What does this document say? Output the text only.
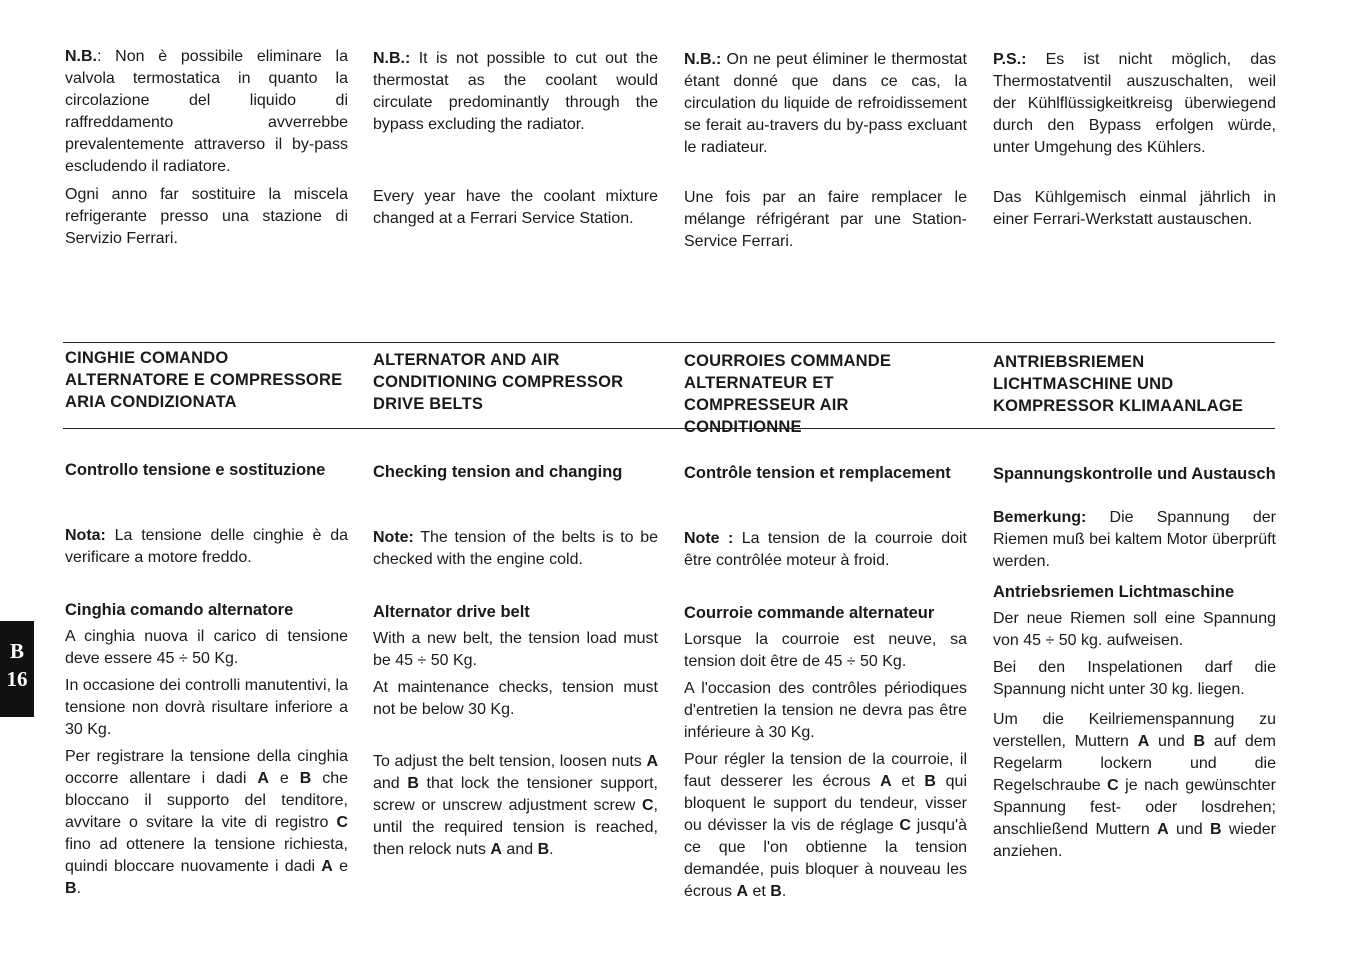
N.B.: Non è possibile eliminare la valvola termostatica in quanto la circolazione del liquido di raffreddamento avverrebbe prevalentemente attraverso il by-pass escludendo il radiatore.

Ogni anno far sostituire la miscela refrigerante presso una stazione di Servizio Ferrari.

N.B.: It is not possible to cut out the thermostat as the coolant would circulate predominantly through the bypass excluding the radiator.

Every year have the coolant mixture changed at a Ferrari Service Station.

N.B.: On ne peut éliminer le thermostat étant donné que dans ce cas, la circulation du liquide de refroidissement se ferait au-travers du by-pass excluant le radiateur.

Une fois par an faire remplacer le mélange réfrigérant par une Station-Service Ferrari.

P.S.: Es ist nicht möglich, das Thermostatventil auszuschalten, weil der Kühlflüssigkeitkreisg überwiegend durch den Bypass erfolgen würde, unter Umgehung des Kühlers.

Das Kühlgemisch einmal jährlich in einer Ferrari-Werkstatt austauschen.

CINGHIE COMANDO ALTERNATORE E COMPRESSORE ARIA CONDIZIONATA
ALTERNATOR AND AIR CONDITIONING COMPRESSOR DRIVE BELTS
COURROIES COMMANDE ALTERNATEUR ET COMPRESSEUR AIR CONDITIONNE
ANTRIEBSRIEMEN LICHTMASCHINE UND KOMPRESSOR KLIMAANLAGE
Controllo tensione e sostituzione

Nota: La tensione delle cinghie è da verificare a motore freddo.

Cinghia comando alternatore

A cinghia nuova il carico di tensione deve essere 45 ÷ 50 Kg.

In occasione dei controlli manutentivi, la tensione non dovrà risultare inferiore a 30 Kg.

Per registrare la tensione della cinghia occorre allentare i dadi A e B che bloccano il supporto del tenditore, avvitare o svitare la vite di registro C fino ad ottenere la tensione richiesta, quindi bloccare nuovamente i dadi A e B.

Checking tension and changing

Note: The tension of the belts is to be checked with the engine cold.

Alternator drive belt

With a new belt, the tension load must be 45 ÷ 50 Kg.

At maintenance checks, tension must not be below 30 Kg.

To adjust the belt tension, loosen nuts A and B that lock the tensioner support, screw or unscrew adjustment screw C, until the required tension is reached, then relock nuts A and B.

Contrôle tension et remplacement

Note : La tension de la courroie doit être contrôlée moteur à froid.

Courroie commande alternateur

Lorsque la courroie est neuve, sa tension doit être de 45 ÷ 50 Kg.

A l'occasion des contrôles périodiques d'entretien la tension ne devra pas être inférieure à 30 Kg.

Pour régler la tension de la courroie, il faut desserer les écrous A et B qui bloquent le support du tendeur, visser ou dévisser la vis de réglage C jusqu'à ce que l'on obtienne la tension demandée, puis bloquer à nouveau les écrous A et B.

Spannungskontrolle und Austausch

Bemerkung: Die Spannung der Riemen muß bei kaltem Motor überprüft werden.

Antriebsriemen Lichtmaschine

Der neue Riemen soll eine Spannung von 45 ÷ 50 kg. aufweisen.

Bei den Inspelationen darf die Spannung nicht unter 30 kg. liegen.

Um die Keilriemenspannung zu verstellen, Muttern A und B auf dem Regelarm lockern und die Regelschraube C je nach gewünschter Spannung fest- oder losdrehen; anschließend Muttern A und B wieder anziehen.

B
16
